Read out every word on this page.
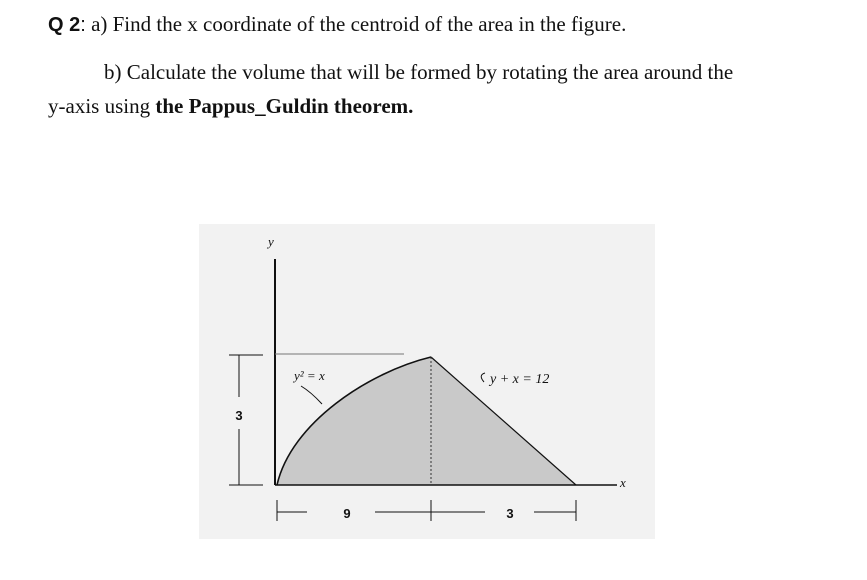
Q 2: a) Find the x coordinate of the centroid of the area in the figure.
b) Calculate the volume that will be formed by rotating the area around the
y-axis using the Pappus_Guldin theorem.
3
9	3
y
x
y² = x	y + x = 12
